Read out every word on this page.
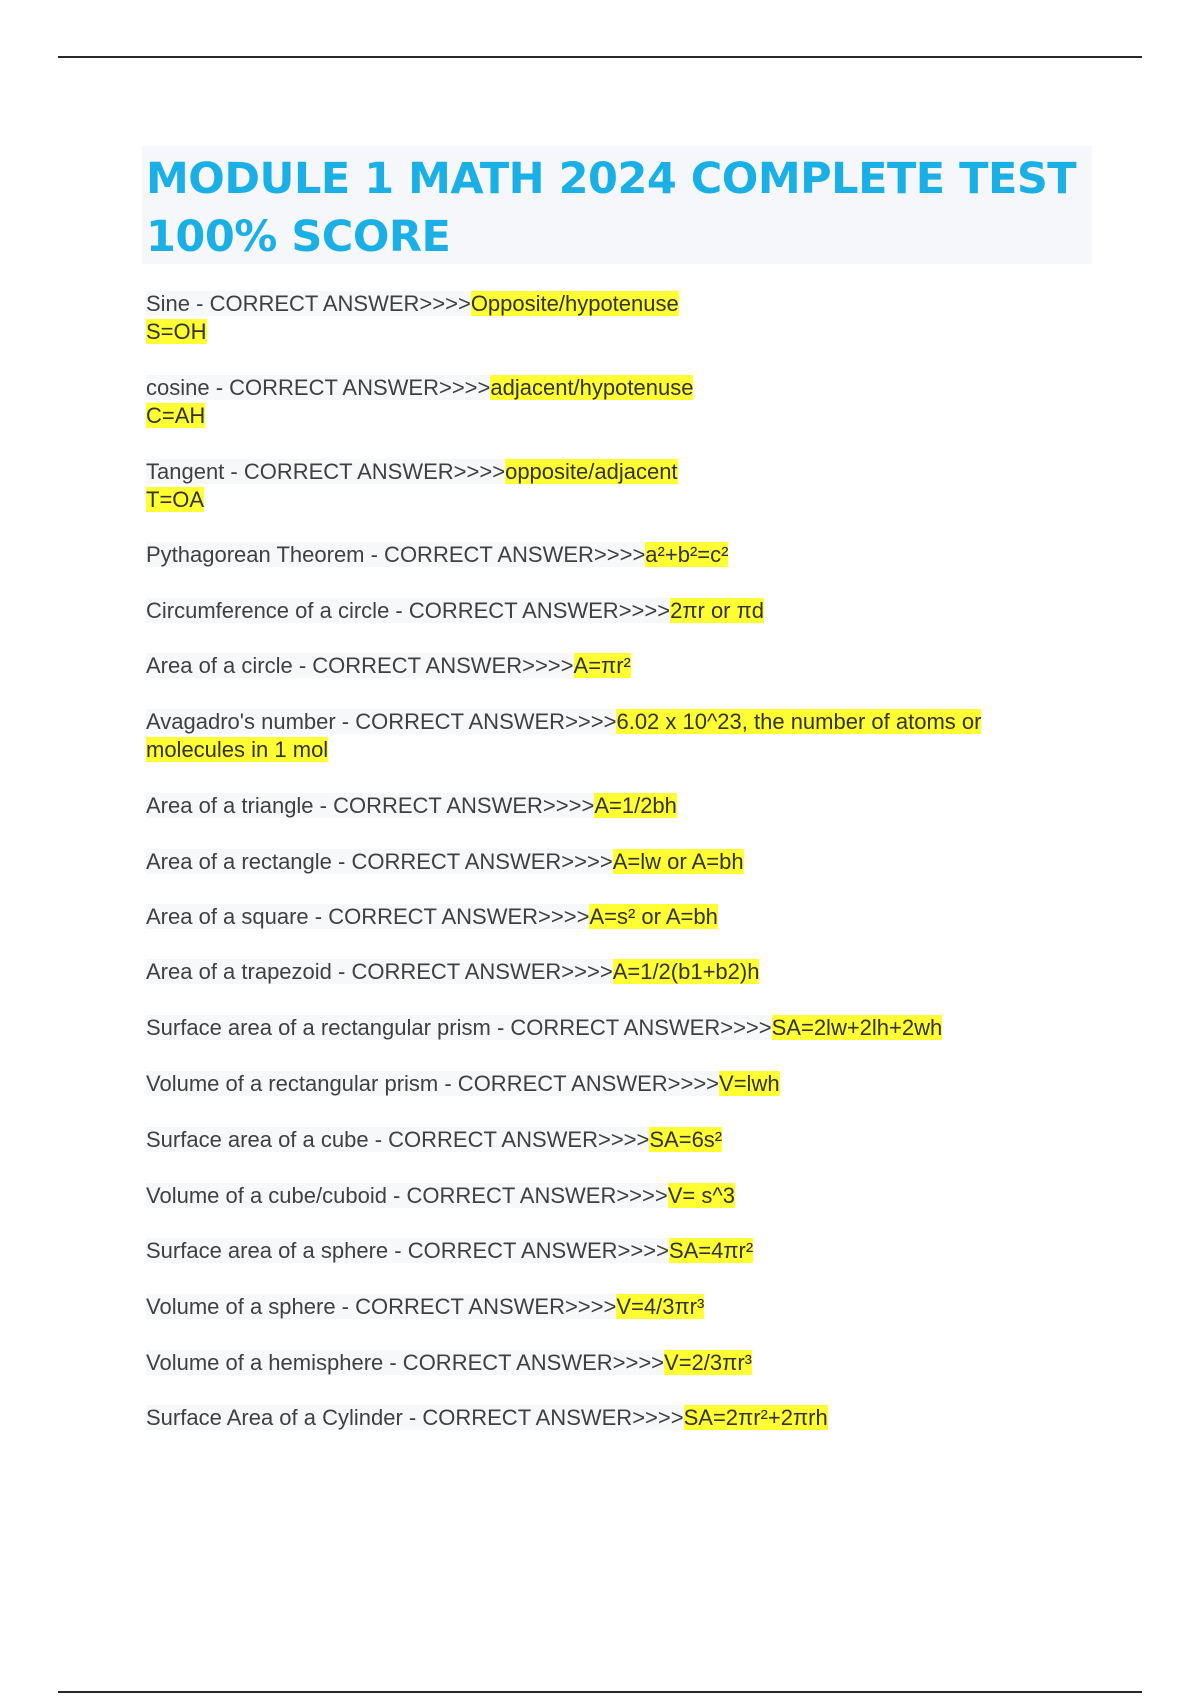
MODULE 1 MATH 2024 COMPLETE TEST 100% SCORE
Sine - CORRECT ANSWER>>>>Opposite/hypotenuse
S=OH
cosine - CORRECT ANSWER>>>>adjacent/hypotenuse
C=AH
Tangent - CORRECT ANSWER>>>>opposite/adjacent
T=OA
Pythagorean Theorem - CORRECT ANSWER>>>>a²+b²=c²
Circumference of a circle - CORRECT ANSWER>>>>2πr or πd
Area of a circle - CORRECT ANSWER>>>>A=πr²
Avagadro's number - CORRECT ANSWER>>>>6.02 x 10^23, the number of atoms or
molecules in 1 mol
Area of a triangle - CORRECT ANSWER>>>>A=1/2bh
Area of a rectangle - CORRECT ANSWER>>>>A=lw or A=bh
Area of a square - CORRECT ANSWER>>>>A=s² or A=bh
Area of a trapezoid - CORRECT ANSWER>>>>A=1/2(b1+b2)h
Surface area of a rectangular prism - CORRECT ANSWER>>>>SA=2lw+2lh+2wh
Volume of a rectangular prism - CORRECT ANSWER>>>>V=lwh
Surface area of a cube - CORRECT ANSWER>>>>SA=6s²
Volume of a cube/cuboid - CORRECT ANSWER>>>>V= s^3
Surface area of a sphere - CORRECT ANSWER>>>>SA=4πr²
Volume of a sphere - CORRECT ANSWER>>>>V=4/3πr³
Volume of a hemisphere - CORRECT ANSWER>>>>V=2/3πr³
Surface Area of a Cylinder - CORRECT ANSWER>>>>SA=2πr²+2πrh
